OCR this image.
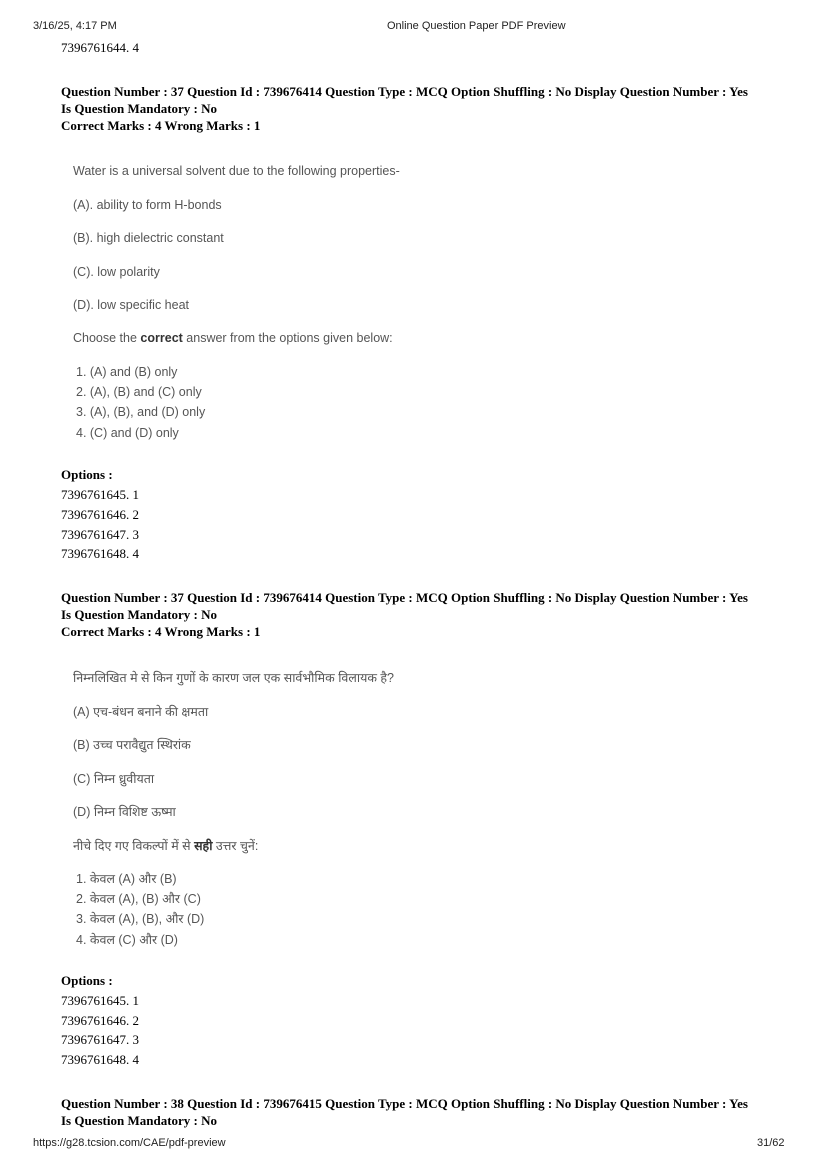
3/16/25, 4:17 PM	Online Question Paper PDF Preview
7396761644. 4
Question Number : 37 Question Id : 739676414 Question Type : MCQ Option Shuffling : No Display Question Number : Yes
Is Question Mandatory : No
Correct Marks : 4 Wrong Marks : 1
Water is a universal solvent due to the following properties-
(A). ability to form H-bonds
(B). high dielectric constant
(C). low polarity
(D). low specific heat
Choose the correct answer from the options given below:
1. (A) and (B) only
2. (A), (B) and (C) only
3. (A), (B), and (D) only
4. (C) and (D) only
Options :
7396761645. 1
7396761646. 2
7396761647. 3
7396761648. 4
Question Number : 37 Question Id : 739676414 Question Type : MCQ Option Shuffling : No Display Question Number : Yes
Is Question Mandatory : No
Correct Marks : 4 Wrong Marks : 1
निम्नलिखित मे से किन गुणों के कारण जल एक सार्वभौमिक विलायक है?
(A) एच-बंधन बनाने की क्षमता
(B) उच्च परावैद्युत स्थिरांक
(C) निम्न ध्रुवीयता
(D) निम्न विशिष्ट ऊष्मा
नीचे दिए गए विकल्पों में से सही उत्तर चुनें:
1. केवल (A) और (B)
2. केवल (A), (B) और (C)
3. केवल (A), (B), और (D)
4. केवल (C) और (D)
Options :
7396761645. 1
7396761646. 2
7396761647. 3
7396761648. 4
Question Number : 38 Question Id : 739676415 Question Type : MCQ Option Shuffling : No Display Question Number : Yes
Is Question Mandatory : No
https://g28.tcsion.com/CAE/pdf-preview	31/62
